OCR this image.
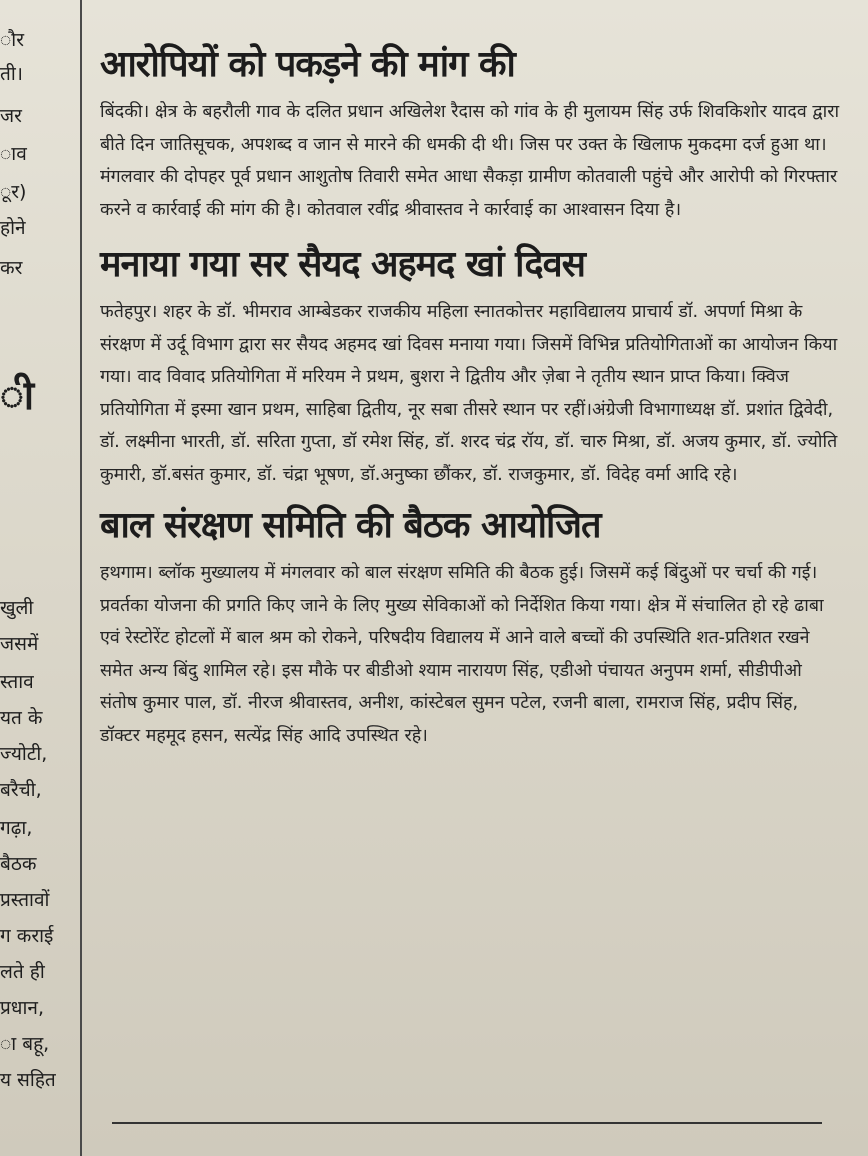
ौर
ती।
जर
ाव
ूर)
होने
कर
ी
खुली
जसमें
स्ताव
यत के
ज्योटी,
बरैची,
गढ़ा,
बैठक
प्रस्तावों
ग कराई
लते ही
प्रधान,
ा बहू,
य सहित
आरोपियों को पकड़ने की मांग की

बिंदकी। क्षेत्र के बहरौली गाव के दलित प्रधान अखिलेश रैदास को गांव के ही मुलायम सिंह उर्फ शिवकिशोर यादव द्वारा बीते दिन जातिसूचक, अपशब्द व जान से मारने की धमकी दी थी। जिस पर उक्त के खिलाफ मुकदमा दर्ज हुआ था। मंगलवार की दोपहर पूर्व प्रधान आशुतोष तिवारी समेत आधा सैकड़ा ग्रामीण कोतवाली पहुंचे और आरोपी को गिरफ्तार करने व कार्रवाई की मांग की है। कोतवाल रवींद्र श्रीवास्तव ने कार्रवाई का आश्वासन दिया है।

मनाया गया सर सैयद अहमद खां दिवस

फतेहपुर। शहर के डॉ. भीमराव आम्बेडकर राजकीय महिला स्नातकोत्तर महाविद्यालय प्राचार्य डॉ. अपर्णा मिश्रा के संरक्षण में उर्दू विभाग द्वारा सर सैयद अहमद खां दिवस मनाया गया। जिसमें विभिन्न प्रतियोगिताओं का आयोजन किया गया। वाद विवाद प्रतियोगिता में मरियम ने प्रथम, बुशरा ने द्वितीय और ज़ेबा ने तृतीय स्थान प्राप्त किया। क्विज प्रतियोगिता में इस्मा खान प्रथम, साहिबा द्वितीय, नूर सबा तीसरे स्थान पर रहीं।अंग्रेजी विभागाध्यक्ष डॉ. प्रशांत द्विवेदी, डॉ. लक्ष्मीना भारती, डॉ. सरिता गुप्ता, डॉ रमेश सिंह, डॉ. शरद चंद्र रॉय, डॉ. चारु मिश्रा, डॉ. अजय कुमार, डॉ. ज्योति कुमारी, डॉ.बसंत कुमार, डॉ. चंद्रा भूषण, डॉ.अनुष्का छौंकर, डॉ. राजकुमार, डॉ. विदेह वर्मा आदि रहे।

बाल संरक्षण समिति की बैठक आयोजित

हथगाम। ब्लॉक मुख्यालय में मंगलवार को बाल संरक्षण समिति की बैठक हुई। जिसमें कई बिंदुओं पर चर्चा की गई। प्रवर्तका योजना की प्रगति किए जाने के लिए मुख्य सेविकाओं को निर्देशित किया गया। क्षेत्र में संचालित हो रहे ढाबा एवं रेस्टोरेंट होटलों में बाल श्रम को रोकने, परिषदीय विद्यालय में आने वाले बच्चों की उपस्थिति शत-प्रतिशत रखने समेत अन्य बिंदु शामिल रहे। इस मौके पर बीडीओ श्याम नारायण सिंह, एडीओ पंचायत अनुपम शर्मा, सीडीपीओ संतोष कुमार पाल, डॉ. नीरज श्रीवास्तव, अनीश, कांस्टेबल सुमन पटेल, रजनी बाला, रामराज सिंह, प्रदीप सिंह, डॉक्टर महमूद हसन, सत्येंद्र सिंह आदि उपस्थित रहे।
